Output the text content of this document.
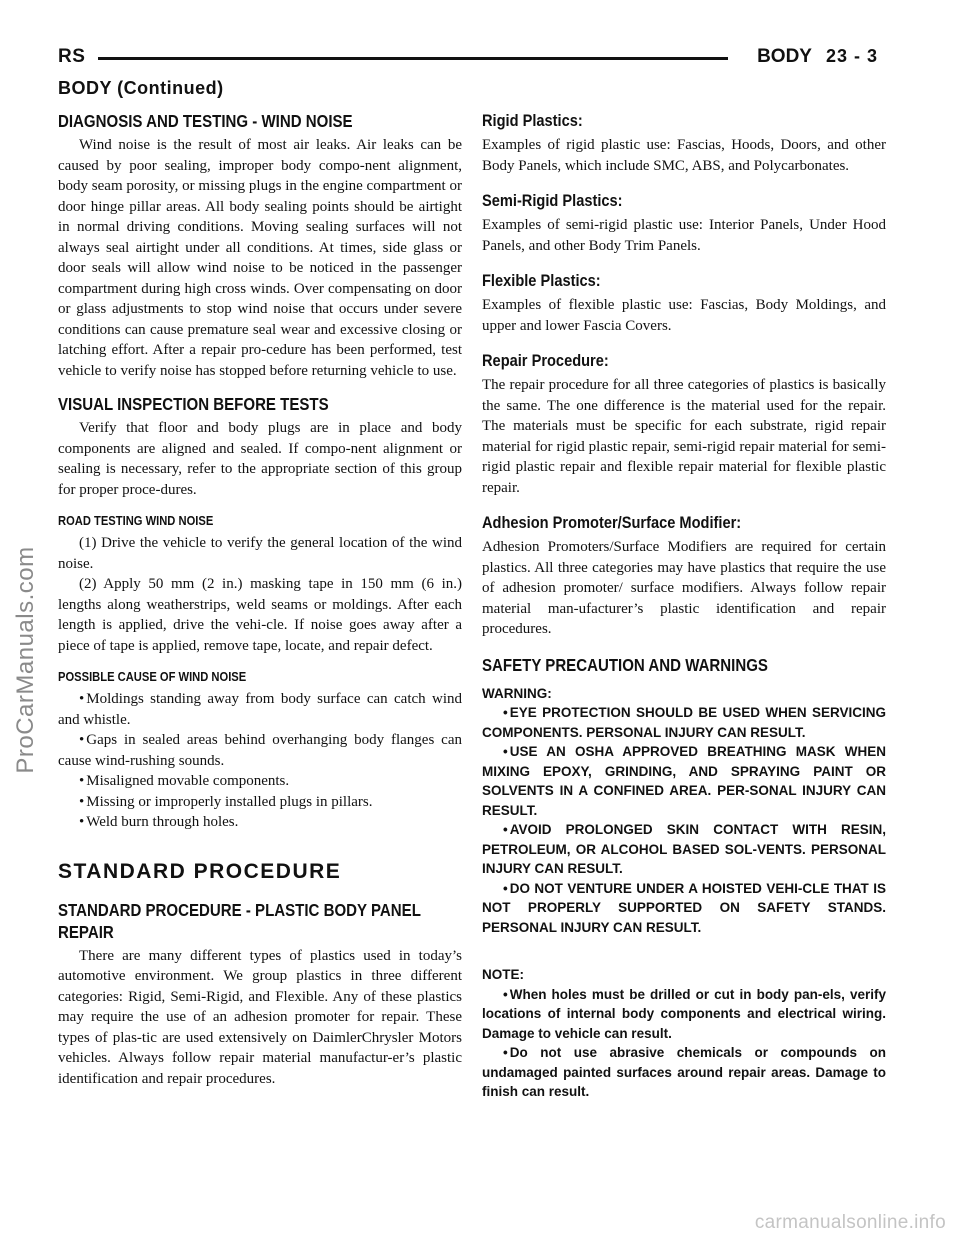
RS	BODY 23 - 3
BODY (Continued)
DIAGNOSIS AND TESTING - WIND NOISE

Wind noise is the result of most air leaks. Air leaks can be caused by poor sealing, improper body compo-nent alignment, body seam porosity, or missing plugs in the engine compartment or door hinge pillar areas. All body sealing points should be airtight in normal driving conditions. Moving sealing surfaces will not always seal airtight under all conditions. At times, side glass or door seals will allow wind noise to be noticed in the passenger compartment during high cross winds. Over compensating on door or glass adjustments to stop wind noise that occurs under severe conditions can cause premature seal wear and excessive closing or latching effort. After a repair pro-cedure has been performed, test vehicle to verify noise has stopped before returning vehicle to use.

VISUAL INSPECTION BEFORE TESTS

Verify that floor and body plugs are in place and body components are aligned and sealed. If compo-nent alignment or sealing is necessary, refer to the appropriate section of this group for proper proce-dures.

ROAD TESTING WIND NOISE

(1) Drive the vehicle to verify the general location of the wind noise.

(2) Apply 50 mm (2 in.) masking tape in 150 mm (6 in.) lengths along weatherstrips, weld seams or moldings. After each length is applied, drive the vehi-cle. If noise goes away after a piece of tape is applied, remove tape, locate, and repair defect.

POSSIBLE CAUSE OF WIND NOISE

• Moldings standing away from body surface can catch wind and whistle.

• Gaps in sealed areas behind overhanging body flanges can cause wind-rushing sounds.

• Misaligned movable components.

• Missing or improperly installed plugs in pillars.

• Weld burn through holes.

STANDARD PROCEDURE
STANDARD PROCEDURE - PLASTIC BODY PANEL REPAIR

There are many different types of plastics used in today’s automotive environment. We group plastics in three different categories: Rigid, Semi-Rigid, and Flexible. Any of these plastics may require the use of an adhesion promoter for repair. These types of plas-tic are used extensively on DaimlerChrysler Motors vehicles. Always follow repair material manufactur-er’s plastic identification and repair procedures.

Rigid Plastics:

Examples of rigid plastic use: Fascias, Hoods, Doors, and other Body Panels, which include SMC, ABS, and Polycarbonates.

Semi-Rigid Plastics:

Examples of semi-rigid plastic use: Interior Panels, Under Hood Panels, and other Body Trim Panels.

Flexible Plastics:

Examples of flexible plastic use: Fascias, Body Moldings, and upper and lower Fascia Covers.

Repair Procedure:

The repair procedure for all three categories of plastics is basically the same. The one difference is the material used for the repair. The materials must be specific for each substrate, rigid repair material for rigid plastic repair, semi-rigid repair material for semi-rigid plastic repair and flexible repair material for flexible plastic repair.

Adhesion Promoter/Surface Modifier:

Adhesion Promoters/Surface Modifiers are required for certain plastics. All three categories may have plastics that require the use of adhesion promoter/ surface modifiers. Always follow repair material man-ufacturer’s plastic identification and repair procedures.

SAFETY PRECAUTION AND WARNINGS
WARNING:
• EYE PROTECTION SHOULD BE USED WHEN SERVICING COMPONENTS. PERSONAL INJURY CAN RESULT.
• USE AN OSHA APPROVED BREATHING MASK WHEN MIXING EPOXY, GRINDING, AND SPRAYING PAINT OR SOLVENTS IN A CONFINED AREA. PER-SONAL INJURY CAN RESULT.
• AVOID PROLONGED SKIN CONTACT WITH RESIN, PETROLEUM, OR ALCOHOL BASED SOL-VENTS. PERSONAL INJURY CAN RESULT.
• DO NOT VENTURE UNDER A HOISTED VEHI-CLE THAT IS NOT PROPERLY SUPPORTED ON SAFETY STANDS. PERSONAL INJURY CAN RESULT.
NOTE:
• When holes must be drilled or cut in body pan-els, verify locations of internal body components and electrical wiring. Damage to vehicle can result.
• Do not use abrasive chemicals or compounds on undamaged painted surfaces around repair areas. Damage to finish can result.
ProCarManuals.com
carmanualsonline.info
